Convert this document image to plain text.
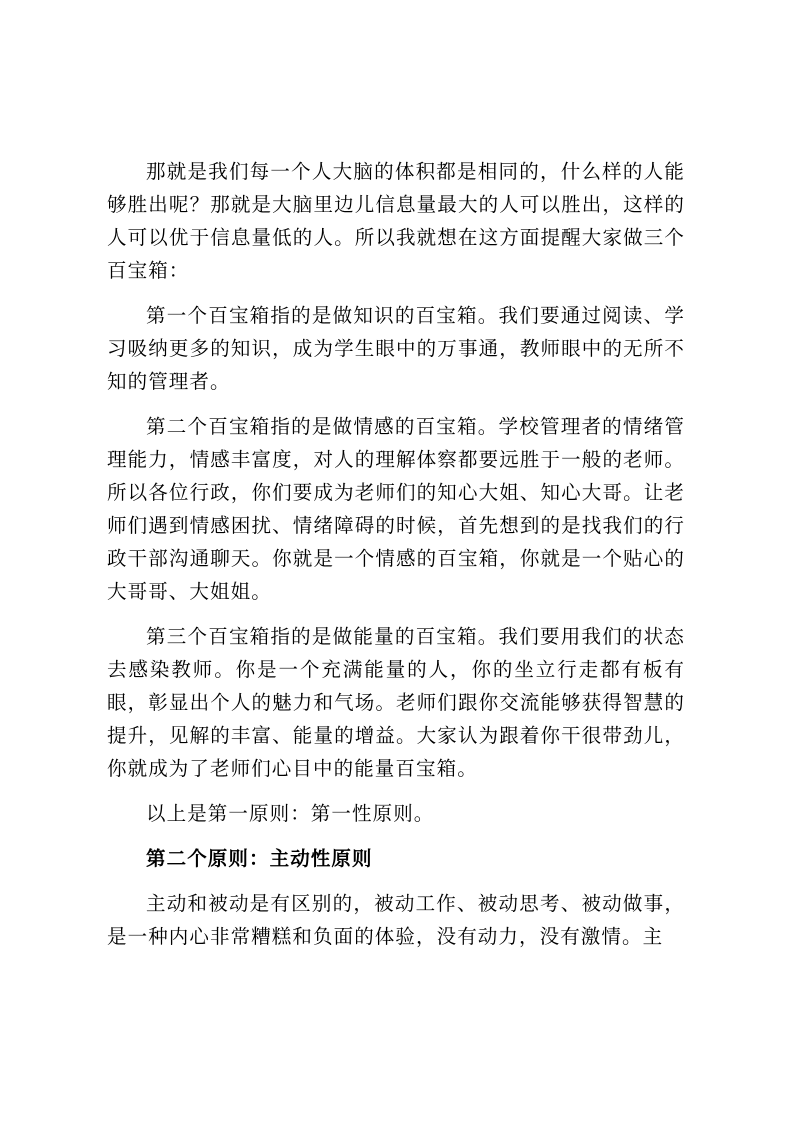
那就是我们每一个人大脑的体积都是相同的，什么样的人能够胜出呢？那就是大脑里边儿信息量最大的人可以胜出，这样的人可以优于信息量低的人。所以我就想在这方面提醒大家做三个百宝箱：

第一个百宝箱指的是做知识的百宝箱。我们要通过阅读、学习吸纳更多的知识，成为学生眼中的万事通，教师眼中的无所不知的管理者。

第二个百宝箱指的是做情感的百宝箱。学校管理者的情绪管理能力，情感丰富度，对人的理解体察都要远胜于一般的老师。所以各位行政，你们要成为老师们的知心大姐、知心大哥。让老师们遇到情感困扰、情绪障碍的时候，首先想到的是找我们的行政干部沟通聊天。你就是一个情感的百宝箱，你就是一个贴心的大哥哥、大姐姐。

第三个百宝箱指的是做能量的百宝箱。我们要用我们的状态去感染教师。你是一个充满能量的人，你的坐立行走都有板有眼，彰显出个人的魅力和气场。老师们跟你交流能够获得智慧的提升，见解的丰富、能量的增益。大家认为跟着你干很带劲儿，你就成为了老师们心目中的能量百宝箱。

以上是第一原则：第一性原则。

第二个原则：主动性原则

主动和被动是有区别的，被动工作、被动思考、被动做事，是一种内心非常糟糕和负面的体验，没有动力，没有激情。主
